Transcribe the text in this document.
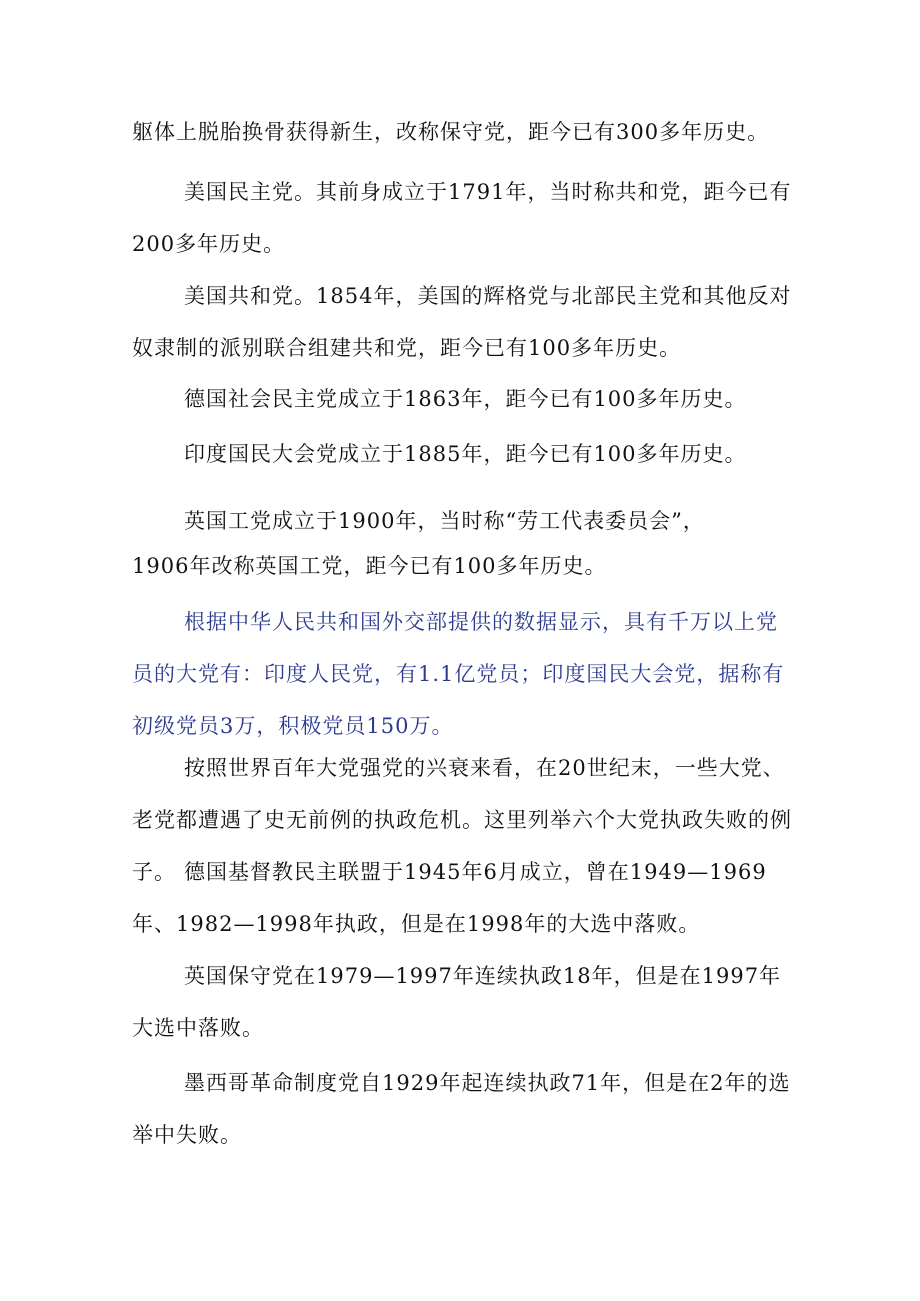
躯体上脱胎换骨获得新生，改称保守党，距今已有300多年历史。

美国民主党。其前身成立于1791年，当时称共和党，距今已有200多年历史。

美国共和党。1854年，美国的辉格党与北部民主党和其他反对奴隶制的派别联合组建共和党，距今已有100多年历史。

德国社会民主党成立于1863年，距今已有100多年历史。

印度国民大会党成立于1885年，距今已有100多年历史。

英国工党成立于1900年，当时称“劳工代表委员会”，

1906年改称英国工党，距今已有100多年历史。

根据中华人民共和国外交部提供的数据显示，具有千万以上党员的大党有：印度人民党，有1.1亿党员；印度国民大会党，据称有初级党员3万，积极党员150万。

按照世界百年大党强党的兴衰来看，在20世纪末，一些大党、老党都遭遇了史无前例的执政危机。这里列举六个大党执政失败的例子。 德国基督教民主联盟于1945年6月成立，曾在1949—1969年、1982—1998年执政，但是在1998年的大选中落败。

英国保守党在1979—1997年连续执政18年，但是在1997年大选中落败。

墨西哥革命制度党自1929年起连续执政71年，但是在2年的选举中失败。
